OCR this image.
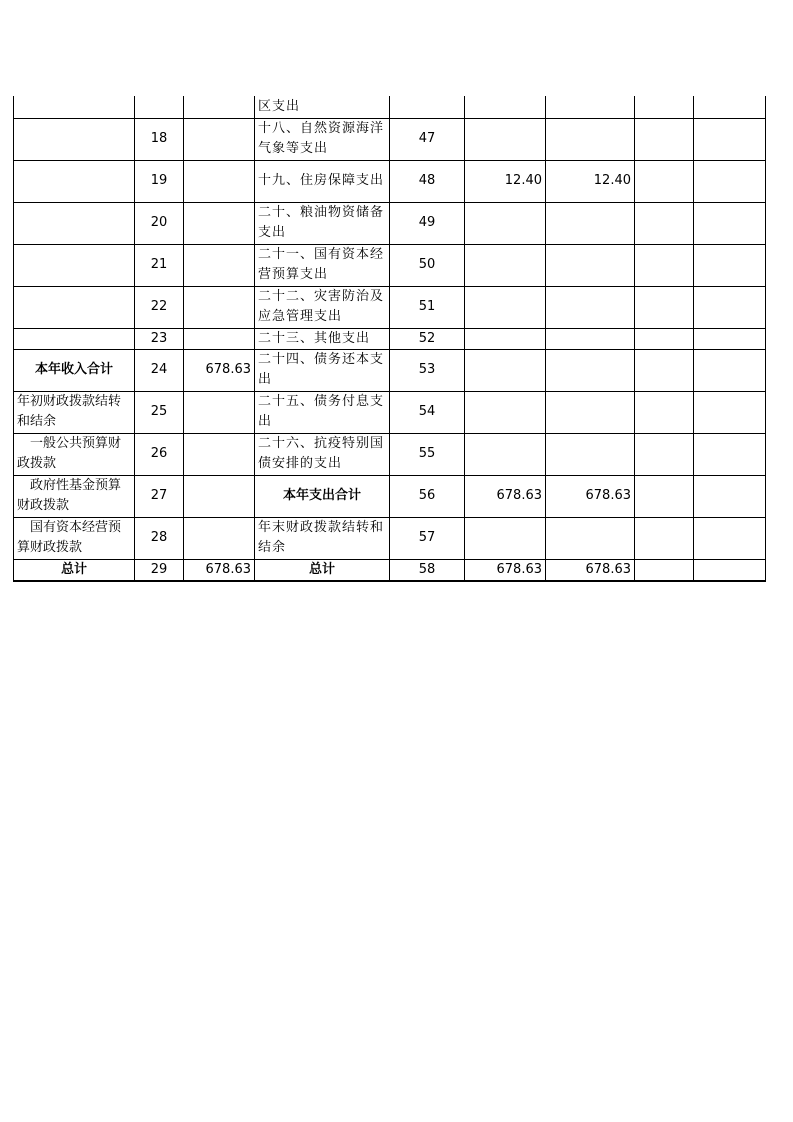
			区支出					
	18		十八、自然资源海洋气象等支出	47				
	19		十九、住房保障支出	48	12.40	12.40		
	20		二十、粮油物资储备支出	49				
	21		二十一、国有资本经营预算支出	50				
	22		二十二、灾害防治及应急管理支出	51				
	23		二十三、其他支出	52				
本年收入合计	24	678.63	二十四、债务还本支出	53				
年初财政拨款结转和结余	25		二十五、债务付息支出	54				
一般公共预算财政拨款	26		二十六、抗疫特别国债安排的支出	55				
政府性基金预算财政拨款	27		本年支出合计	56	678.63	678.63		
国有资本经营预算财政拨款	28		年末财政拨款结转和结余	57				
总计	29	678.63	总计	58	678.63	678.63		
